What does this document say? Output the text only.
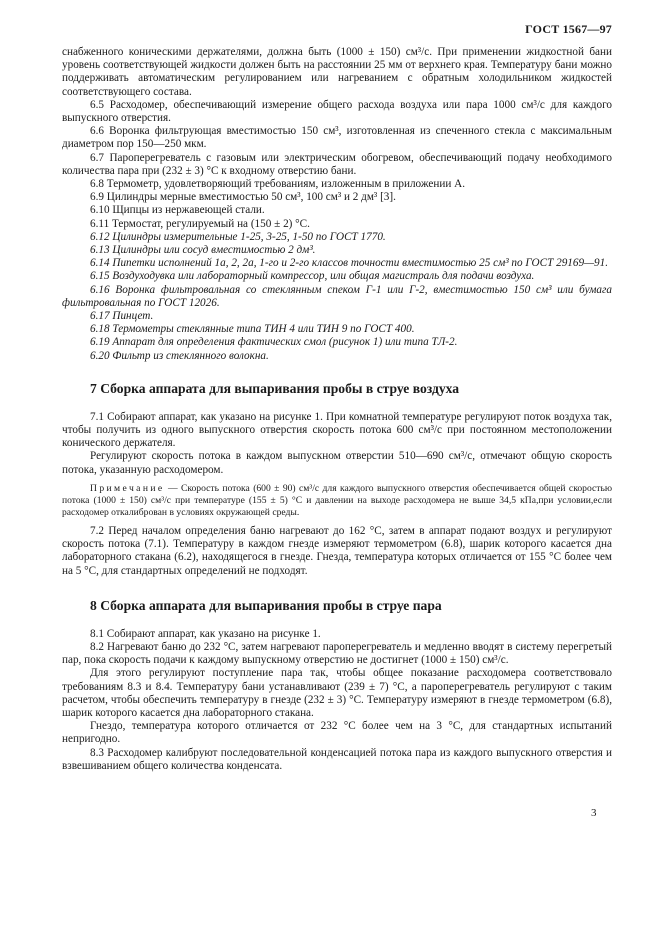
ГОСТ 1567—97

снабженного коническими держателями, должна быть (1000 ± 150) см³/с. При применении жидкостной бани уровень соответствующей жидкости должен быть на расстоянии 25 мм от верхнего края. Температуру бани можно поддерживать автоматическим регулированием или нагреванием с обратным холодильником жидкостей соответствующего состава.

6.5 Расходомер, обеспечивающий измерение общего расхода воздуха или пара 1000 см³/с для каждого выпускного отверстия.

6.6 Воронка фильтрующая вместимостью 150 см³, изготовленная из спеченного стекла с максимальным диаметром пор 150—250 мкм.

6.7 Пароперегреватель с газовым или электрическим обогревом, обеспечивающий подачу необходимого количества пара при (232 ± 3) °С к входному отверстию бани.

6.8 Термометр, удовлетворяющий требованиям, изложенным в приложении А.

6.9 Цилиндры мерные вместимостью 50 см³, 100 см³ и 2 дм³ [3].

6.10 Щипцы из нержавеющей стали.

6.11 Термостат, регулируемый на (150 ± 2) °С.

6.12 Цилиндры измерительные 1-25, 3-25, 1-50 по ГОСТ 1770.

6.13 Цилиндры или сосуд вместимостью 2 дм³.

6.14 Пипетки исполнений 1а, 2, 2а, 1-го и 2-го классов точности вместимостью 25 см³ по ГОСТ 29169—91.

6.15 Воздуходувка или лабораторный компрессор, или общая магистраль для подачи воздуха.

6.16 Воронка фильтровальная со стеклянным спеком Г-1 или Г-2, вместимостью 150 см³ или бумага фильтровальная по ГОСТ 12026.

6.17 Пинцет.

6.18 Термометры стеклянные типа ТИН 4 или ТИН 9 по ГОСТ 400.

6.19 Аппарат для определения фактических смол (рисунок 1) или типа ТЛ-2.

6.20 Фильтр из стеклянного волокна.

7 Сборка аппарата для выпаривания пробы в струе воздуха

7.1 Собирают аппарат, как указано на рисунке 1. При комнатной температуре регулируют поток воздуха так, чтобы получить из одного выпускного отверстия скорость потока 600 см³/с при постоянном местоположении конического держателя.

Регулируют скорость потока в каждом выпускном отверстии 510—690 см³/с, отмечают общую скорость потока, указанную расходомером.

Примечание — Скорость потока (600 ± 90) см³/с для каждого выпускного отверстия обеспечивается общей скоростью потока (1000 ± 150) см³/с при температуре (155 ± 5) °С и давлении на выходе расходомера не выше 34,5 кПа,при условии,если расходомер откалиброван в условиях окружающей среды.

7.2 Перед началом определения баню нагревают до 162 °С, затем в аппарат подают воздух и регулируют скорость потока (7.1). Температуру в каждом гнезде измеряют термометром (6.8), шарик которого касается дна лабораторного стакана (6.2), находящегося в гнезде. Гнезда, температура которых отличается от 155 °С более чем на 5 °С, для стандартных определений не подходят.

8 Сборка аппарата для выпаривания пробы в струе пара

8.1 Собирают аппарат, как указано на рисунке 1.

8.2 Нагревают баню до 232 °С, затем нагревают пароперегреватель и медленно вводят в систему перегретый пар, пока скорость подачи к каждому выпускному отверстию не достигнет (1000 ± 150) см³/с.

Для этого регулируют поступление пара так, чтобы общее показание расходомера соответствовало требованиям 8.3 и 8.4. Температуру бани устанавливают (239 ± 7) °С, а пароперегреватель регулируют с таким расчетом, чтобы обеспечить температуру в гнезде (232 ± 3) °С. Температуру измеряют в гнезде термометром (6.8), шарик которого касается дна лабораторного стакана.

Гнездо, температура которого отличается от 232 °С более чем на 3 °С, для стандартных испытаний непригодно.

8.3 Расходомер калибруют последовательной конденсацией потока пара из каждого выпускного отверстия и взвешиванием общего количества конденсата.

3
